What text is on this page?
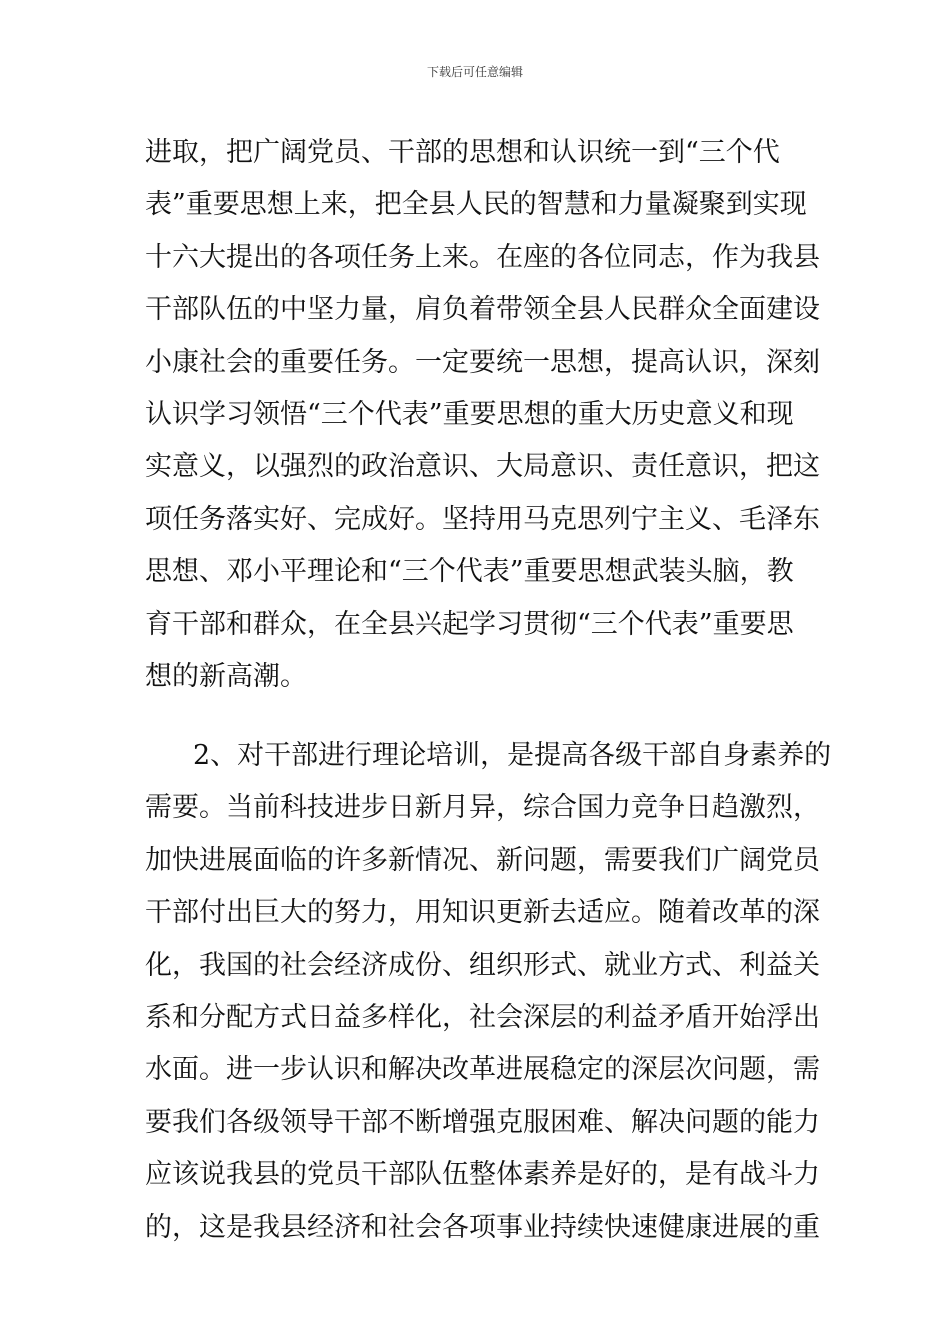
下载后可任意编辑
进取，把广阔党员、干部的思想和认识统一到“三个代
表”重要思想上来，把全县人民的智慧和力量凝聚到实现
十六大提出的各项任务上来。在座的各位同志，作为我县
干部队伍的中坚力量，肩负着带领全县人民群众全面建设
小康社会的重要任务。一定要统一思想，提高认识，深刻
认识学习领悟“三个代表”重要思想的重大历史意义和现
实意义，以强烈的政治意识、大局意识、责任意识，把这
项任务落实好、完成好。坚持用马克思列宁主义、毛泽东
思想、邓小平理论和“三个代表”重要思想武装头脑，教
育干部和群众，在全县兴起学习贯彻“三个代表”重要思
想的新高潮。
2、对干部进行理论培训，是提高各级干部自身素养的
需要。当前科技进步日新月异，综合国力竞争日趋激烈，
加快进展面临的许多新情况、新问题，需要我们广阔党员
干部付出巨大的努力，用知识更新去适应。随着改革的深
化，我国的社会经济成份、组织形式、就业方式、利益关
系和分配方式日益多样化，社会深层的利益矛盾开始浮出
水面。进一步认识和解决改革进展稳定的深层次问题，需
要我们各级领导干部不断增强克服困难、解决问题的能力
应该说我县的党员干部队伍整体素养是好的，是有战斗力
的，这是我县经济和社会各项事业持续快速健康进展的重
